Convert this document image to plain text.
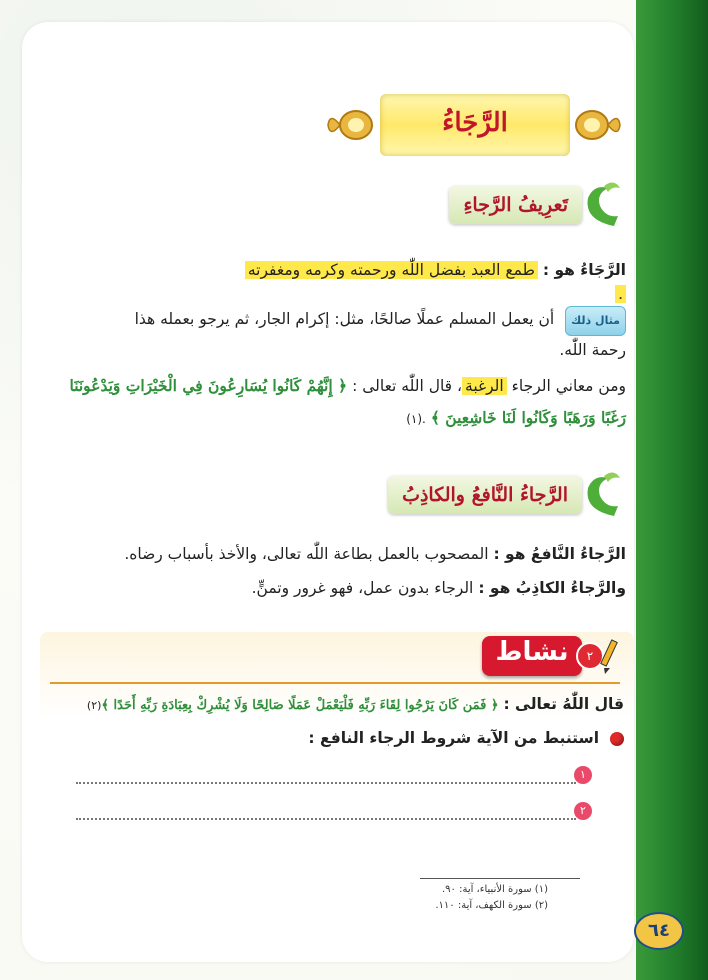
الرَّجَاءُ
تَعرِيفُ الرَّجاءِ
الرَّجَاءُ هو : طمع العبد بفضل اللّٰه ورحمته وكرمه ومغفرته
.
مثال ذلك أن يعمل المسلم عملًا صالحًا، مثل: إكرام الجار، ثم يرجو بعمله هذا
رحمة اللّٰه.
ومن معاني الرجاء الرغبة، قال اللّٰه تعالى : ﴿ إِنَّهُمْ كَانُوا يُسَارِعُونَ فِي الْخَيْرَاتِ وَيَدْعُونَنَا
رَغَبًا وَرَهَبًا وَكَانُوا لَنَا خَاشِعِينَ ﴾ .(١)
الرَّجاءُ النَّافعُ والكاذِبُ
الرَّجاءُ النَّافعُ هو : المصحوب بالعمل بطاعة اللّٰه تعالى، والأخذ بأسباب رضاه.
والرَّجاءُ الكاذِبُ هو : الرجاء بدون عمل، فهو غرور وتمنٍّ.
نشاط	٢
قال اللّٰهُ تعالى : ﴿ فَمَن كَانَ يَرْجُوا لِقَاءَ رَبِّهِ فَلْيَعْمَلْ عَمَلًا صَالِحًا وَلَا يُشْرِكْ بِعِبَادَةِ رَبِّهِ أَحَدًا ﴾(٢)
استنبط من الآية شروط الرجاء النافع :
١
٢
(١) سورة الأنبياء، آية: ٩٠.
(٢) سورة الكهف، آية: ١١٠.
٦٤
